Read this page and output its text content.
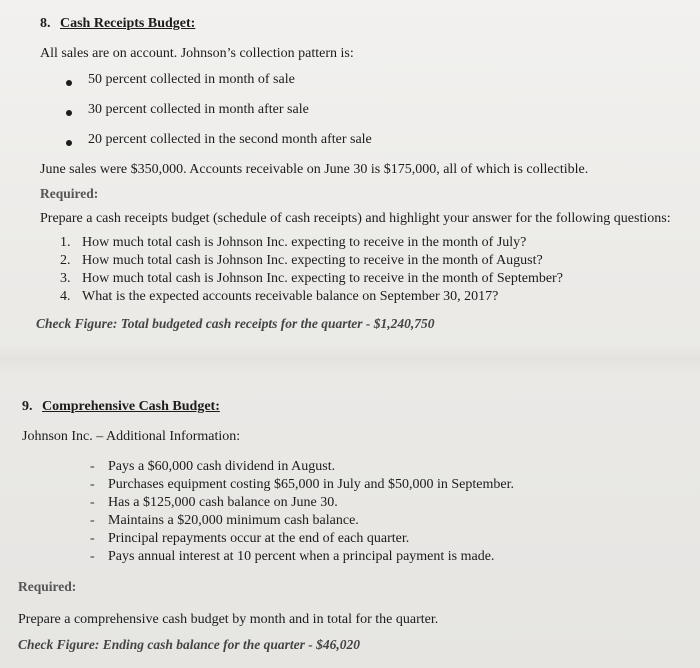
8. Cash Receipts Budget:
All sales are on account. Johnson’s collection pattern is:
50 percent collected in month of sale
30 percent collected in month after sale
20 percent collected in the second month after sale
June sales were $350,000. Accounts receivable on June 30 is $175,000, all of which is collectible.
Required:
Prepare a cash receipts budget (schedule of cash receipts) and highlight your answer for the following questions:
1. How much total cash is Johnson Inc. expecting to receive in the month of July?
2. How much total cash is Johnson Inc. expecting to receive in the month of August?
3. How much total cash is Johnson Inc. expecting to receive in the month of September?
4. What is the expected accounts receivable balance on September 30, 2017?
Check Figure: Total budgeted cash receipts for the quarter - $1,240,750
9. Comprehensive Cash Budget:
Johnson Inc. – Additional Information:
- Pays a $60,000 cash dividend in August.
- Purchases equipment costing $65,000 in July and $50,000 in September.
- Has a $125,000 cash balance on June 30.
- Maintains a $20,000 minimum cash balance.
- Principal repayments occur at the end of each quarter.
- Pays annual interest at 10 percent when a principal payment is made.
Required:
Prepare a comprehensive cash budget by month and in total for the quarter.
Check Figure: Ending cash balance for the quarter - $46,020
